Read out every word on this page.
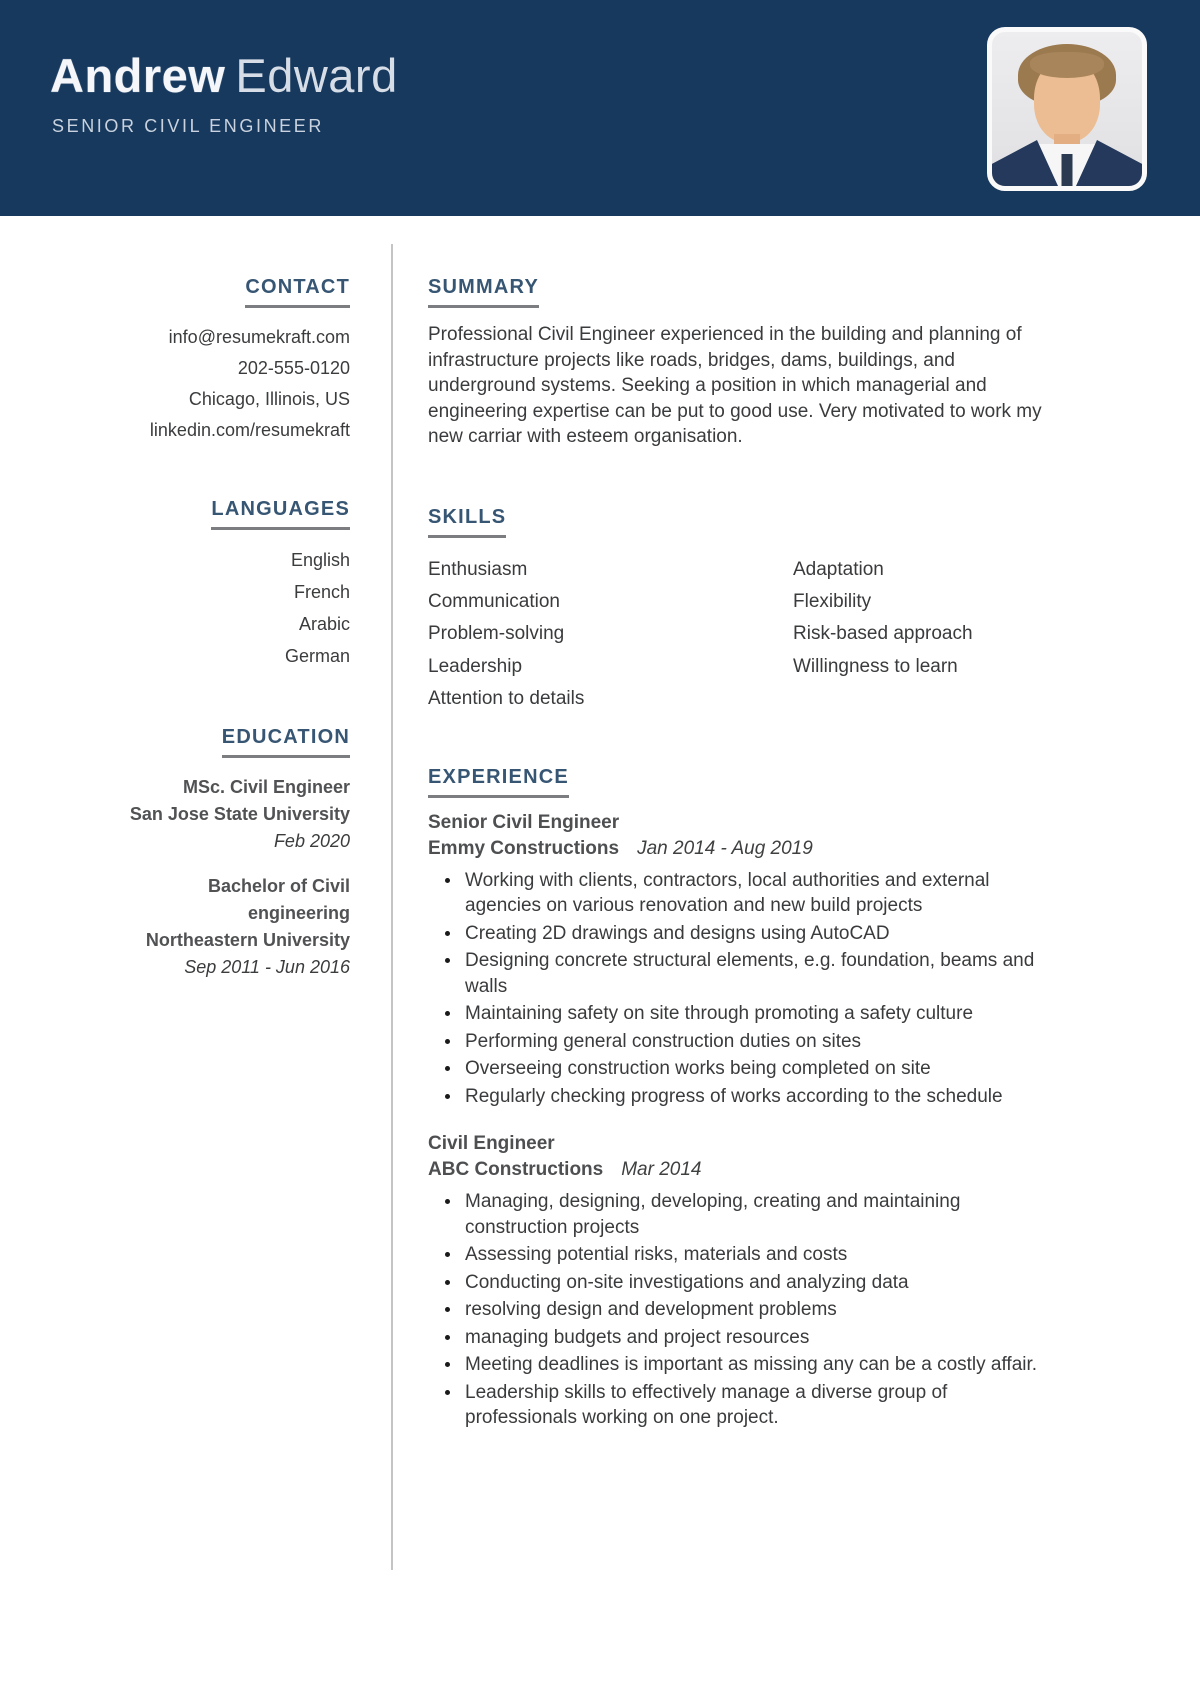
Andrew Edward
SENIOR CIVIL ENGINEER
CONTACT
info@resumekraft.com
202-555-0120
Chicago, Illinois, US
linkedin.com/resumekraft
LANGUAGES
English
French
Arabic
German
EDUCATION
MSc. Civil Engineer
San Jose State University
Feb 2020
Bachelor of Civil engineering
Northeastern University
Sep 2011 - Jun 2016
SUMMARY

Professional Civil Engineer experienced in the building and planning of infrastructure projects like roads, bridges, dams, buildings, and underground systems. Seeking a position in which managerial and engineering expertise can be put to good use. Very motivated to work my new carriar with esteem organisation.

SKILLS
Enthusiasm
Communication
Problem-solving
Leadership
Attention to details
Adaptation
Flexibility
Risk-based approach
Willingness to learn
EXPERIENCE
Senior Civil Engineer
Emmy Constructions Jan 2014 - Aug 2019
• Working with clients, contractors, local authorities and external agencies on various renovation and new build projects
• Creating 2D drawings and designs using AutoCAD
• Designing concrete structural elements, e.g. foundation, beams and walls
• Maintaining safety on site through promoting a safety culture
• Performing general construction duties on sites
• Overseeing construction works being completed on site
• Regularly checking progress of works according to the schedule
Civil Engineer
ABC Constructions Mar 2014
• Managing, designing, developing, creating and maintaining construction projects
• Assessing potential risks, materials and costs
• Conducting on-site investigations and analyzing data
• resolving design and development problems
• managing budgets and project resources
• Meeting deadlines is important as missing any can be a costly affair.
• Leadership skills to effectively manage a diverse group of professionals working on one project.
